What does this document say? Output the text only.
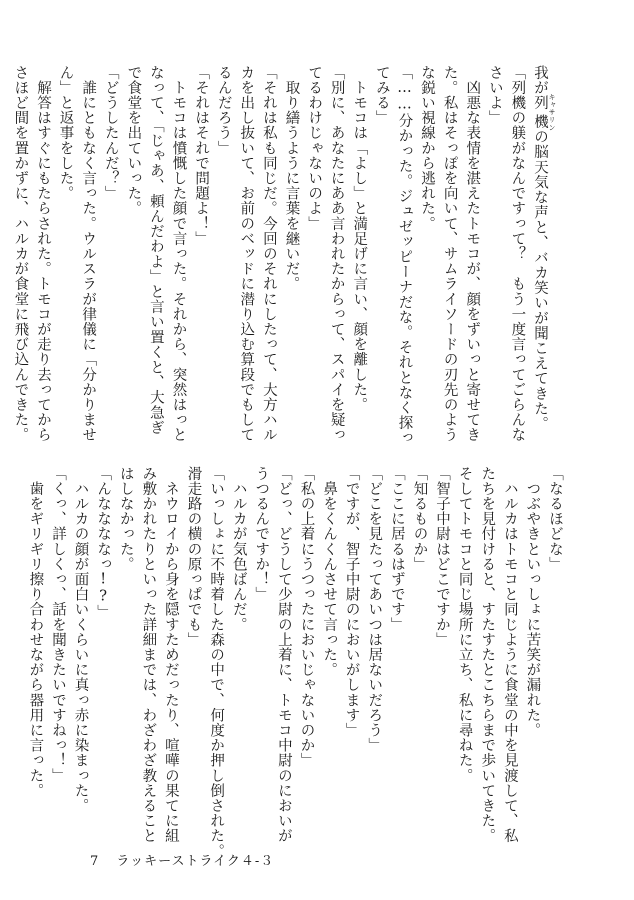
我が列機 キャサリンの脳天気な声と、バカ笑いが聞こえてきた。
「列機の躾がなんですって？　もう一度言ってごらんな
さいよ」
　凶悪な表情を湛えたトモコが、顔をずいっと寄せてき
た。私はそっぽを向いて、サムライソードの刃先のよう
な鋭い視線から逃れた。
「……分かった。ジュゼッピーナだな。それとなく探っ
てみる」
　トモコは「よし」と満足げに言い、顔を離した。
「別に、あなたにああ言われたからって、スパイを疑っ
てるわけじゃないのよ」
　取り繕うように言葉を継いだ。
「それは私も同じだ。今回のそれにしたって、大方ハル
カを出し抜いて、お前のベッドに潜り込む算段でもして
るんだろう」
「それはそれで問題よ！」
　トモコは憤慨した顔で言った。それから、突然はっと
なって、「じゃあ、頼んだわよ」と言い置くと、大急ぎ
で食堂を出ていった。
「どうしたんだ？」
　誰にともなく言った。ウルスラが律儀に「分かりませ
ん」と返事をした。
　解答はすぐにもたらされた。トモコが走り去ってから
さほど間を置かずに、ハルカが食堂に飛び込んできた。
「なるほどな」
　つぶやきといっしょに苦笑が漏れた。
　ハルカはトモコと同じように食堂の中を見渡して、私
たちを見付けると、すたすたとこちらまで歩いてきた。
そしてトモコと同じ場所に立ち、私に尋ねた。
「智子中尉はどこですか」
「知るものか」
「ここに居るはずです」
「どこを見たってあいつは居ないだろう」
「ですが、智子中尉のにおいがします」
　鼻をくんくんさせて言った。
「私の上着にうつったにおいじゃないのか」
「どっ、どうして少尉の上着に、トモコ中尉のにおいが
うつるんですか！」
　ハルカが気色ばんだ。
「いっしょに不時着した森の中で、何度か押し倒された。
滑走路の横の原っぱでも」
　ネウロイから身を隠すためだったり、喧嘩の果てに組
み敷かれたりといった詳細までは、わざわざ教えること
はしなかった。
「んななななっ!?」
　ハルカの顔が面白いくらいに真っ赤に染まった。
「くっ、詳しくっ、話を聞きたいですねっ！」
　歯をギリギリ擦り合わせながら器用に言った。
7 ラッキーストライク４-３
